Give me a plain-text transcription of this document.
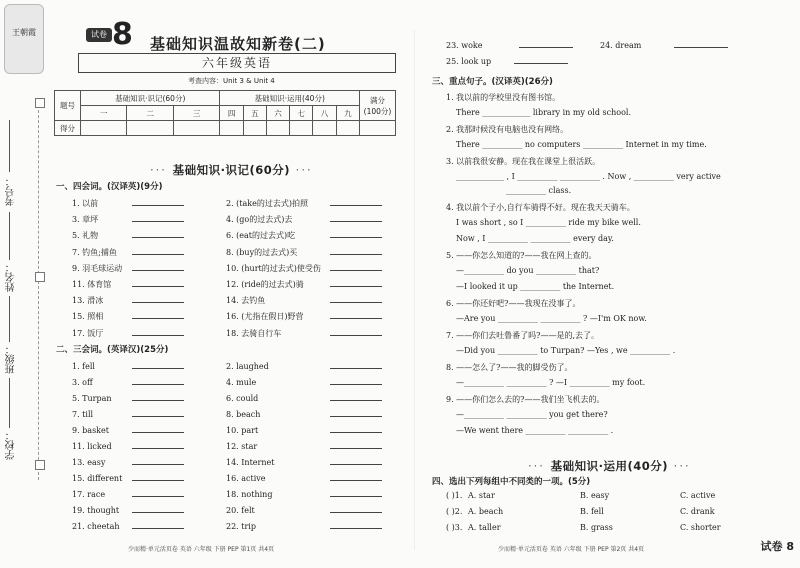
王朝霞
考号：
姓名：
班级：
学校：
试卷 8 基础知识温故知新卷(二)
六年级英语
考查内容：Unit 3 & Unit 4
题号	基础知识·识记(60分)			基础知识·运用(40分)						满分
(100分)

	一	二	三	四	五	六	七	八	九	
得分										
··· 基础知识·识记(60分) ···
一、四会词。(汉译英)(9分)
1. 以前
3. 章坪
5. 礼物
7. 钓鱼;捕鱼
9. 羽毛球运动
11. 体育馆
13. 滑冰
15. 照相
17. 饭厅
2. (take的过去式)拍照
4. (go的过去式)去
6. (eat的过去式)吃
8. (buy的过去式)买
10. (hurt的过去式)使受伤
12. (ride的过去式)骑
14. 去钓鱼
16. (尤指在假日)野营
18. 去骑自行车
二、三会词。(英译汉)(25分)
1. fell
3. off
5. Turpan
7. till
9. basket
11. licked
13. easy
15. different
17. race
19. thought
21. cheetah
2. laughed
4. mule
6. could
8. beach
10. part
12. star
14. Internet
16. active
18. nothing
20. felt
22. trip
23. woke	24. dream
25. look up
三、重点句子。(汉译英)(26分)
1. 我以前的学校里没有图书馆。
There ____________ library in my old school.
2. 我那时候没有电脑也没有网络。
There __________ no computers __________ Internet in my time.
3. 以前我很安静。现在我在课堂上很活跃。
____________ , I __________ __________ . Now , __________ very active
__________ class.
4. 我以前个子小,自行车骑得不好。现在我天天骑车。
I was short , so I __________ ride my bike well.
Now , I __________ __________ every day.
5. ——你怎么知道的?——我在网上查的。
—__________ do you __________ that?
—I looked it up __________ the Internet.
6. ——你还好吧?——我现在没事了。
—Are you __________ __________ ? —I'm OK now.
7. ——你们去吐鲁番了吗?——是的,去了。
—Did you __________ to Turpan? —Yes , we __________ .
8. ——怎么了?——我的脚受伤了。
—__________ __________ ? —I __________ my foot.
9. ——你们怎么去的?——我们坐飞机去的。
—__________ __________ you get there?
—We went there __________ __________ .
··· 基础知识·运用(40分) ···
四、选出下列每组中不同类的一项。(5分)
( )1. A. star	B. easy	C. active
( )2. A. beach	B. fell	C. drank
( )3. A. taller	B. grass	C. shorter
少而精·单元活页卷 英语 六年级 下册 PEP 第1页 共4页	少而精·单元活页卷 英语 六年级 下册 PEP 第2页 共4页	试卷 8
